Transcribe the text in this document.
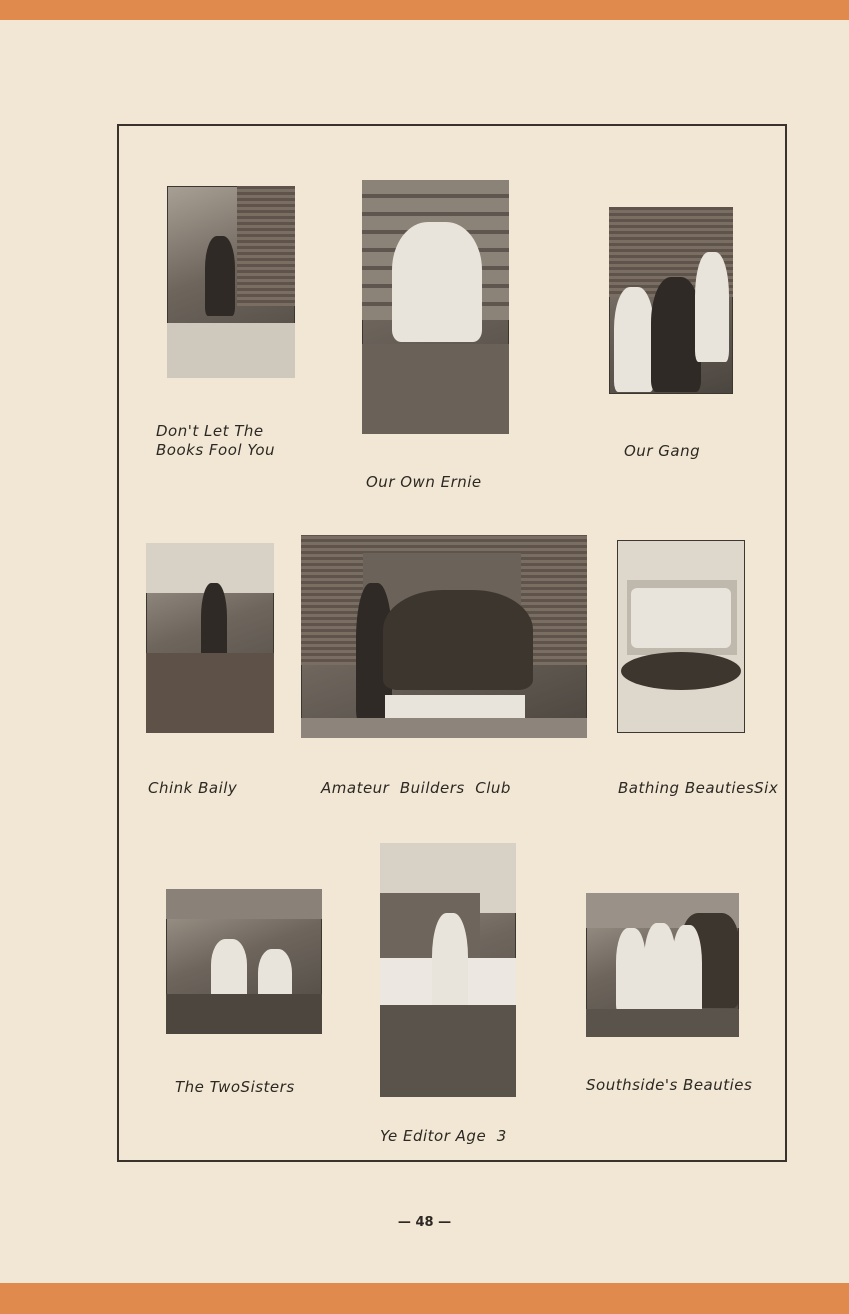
Don't Let The
Books Fool You
Our Own Ernie
Our Gang
Chink Baily	Amateur  Builders  Club	Bathing BeautiesSix
The TwoSisters	Southside's Beauties
Ye Editor Age  3
— 48 —
